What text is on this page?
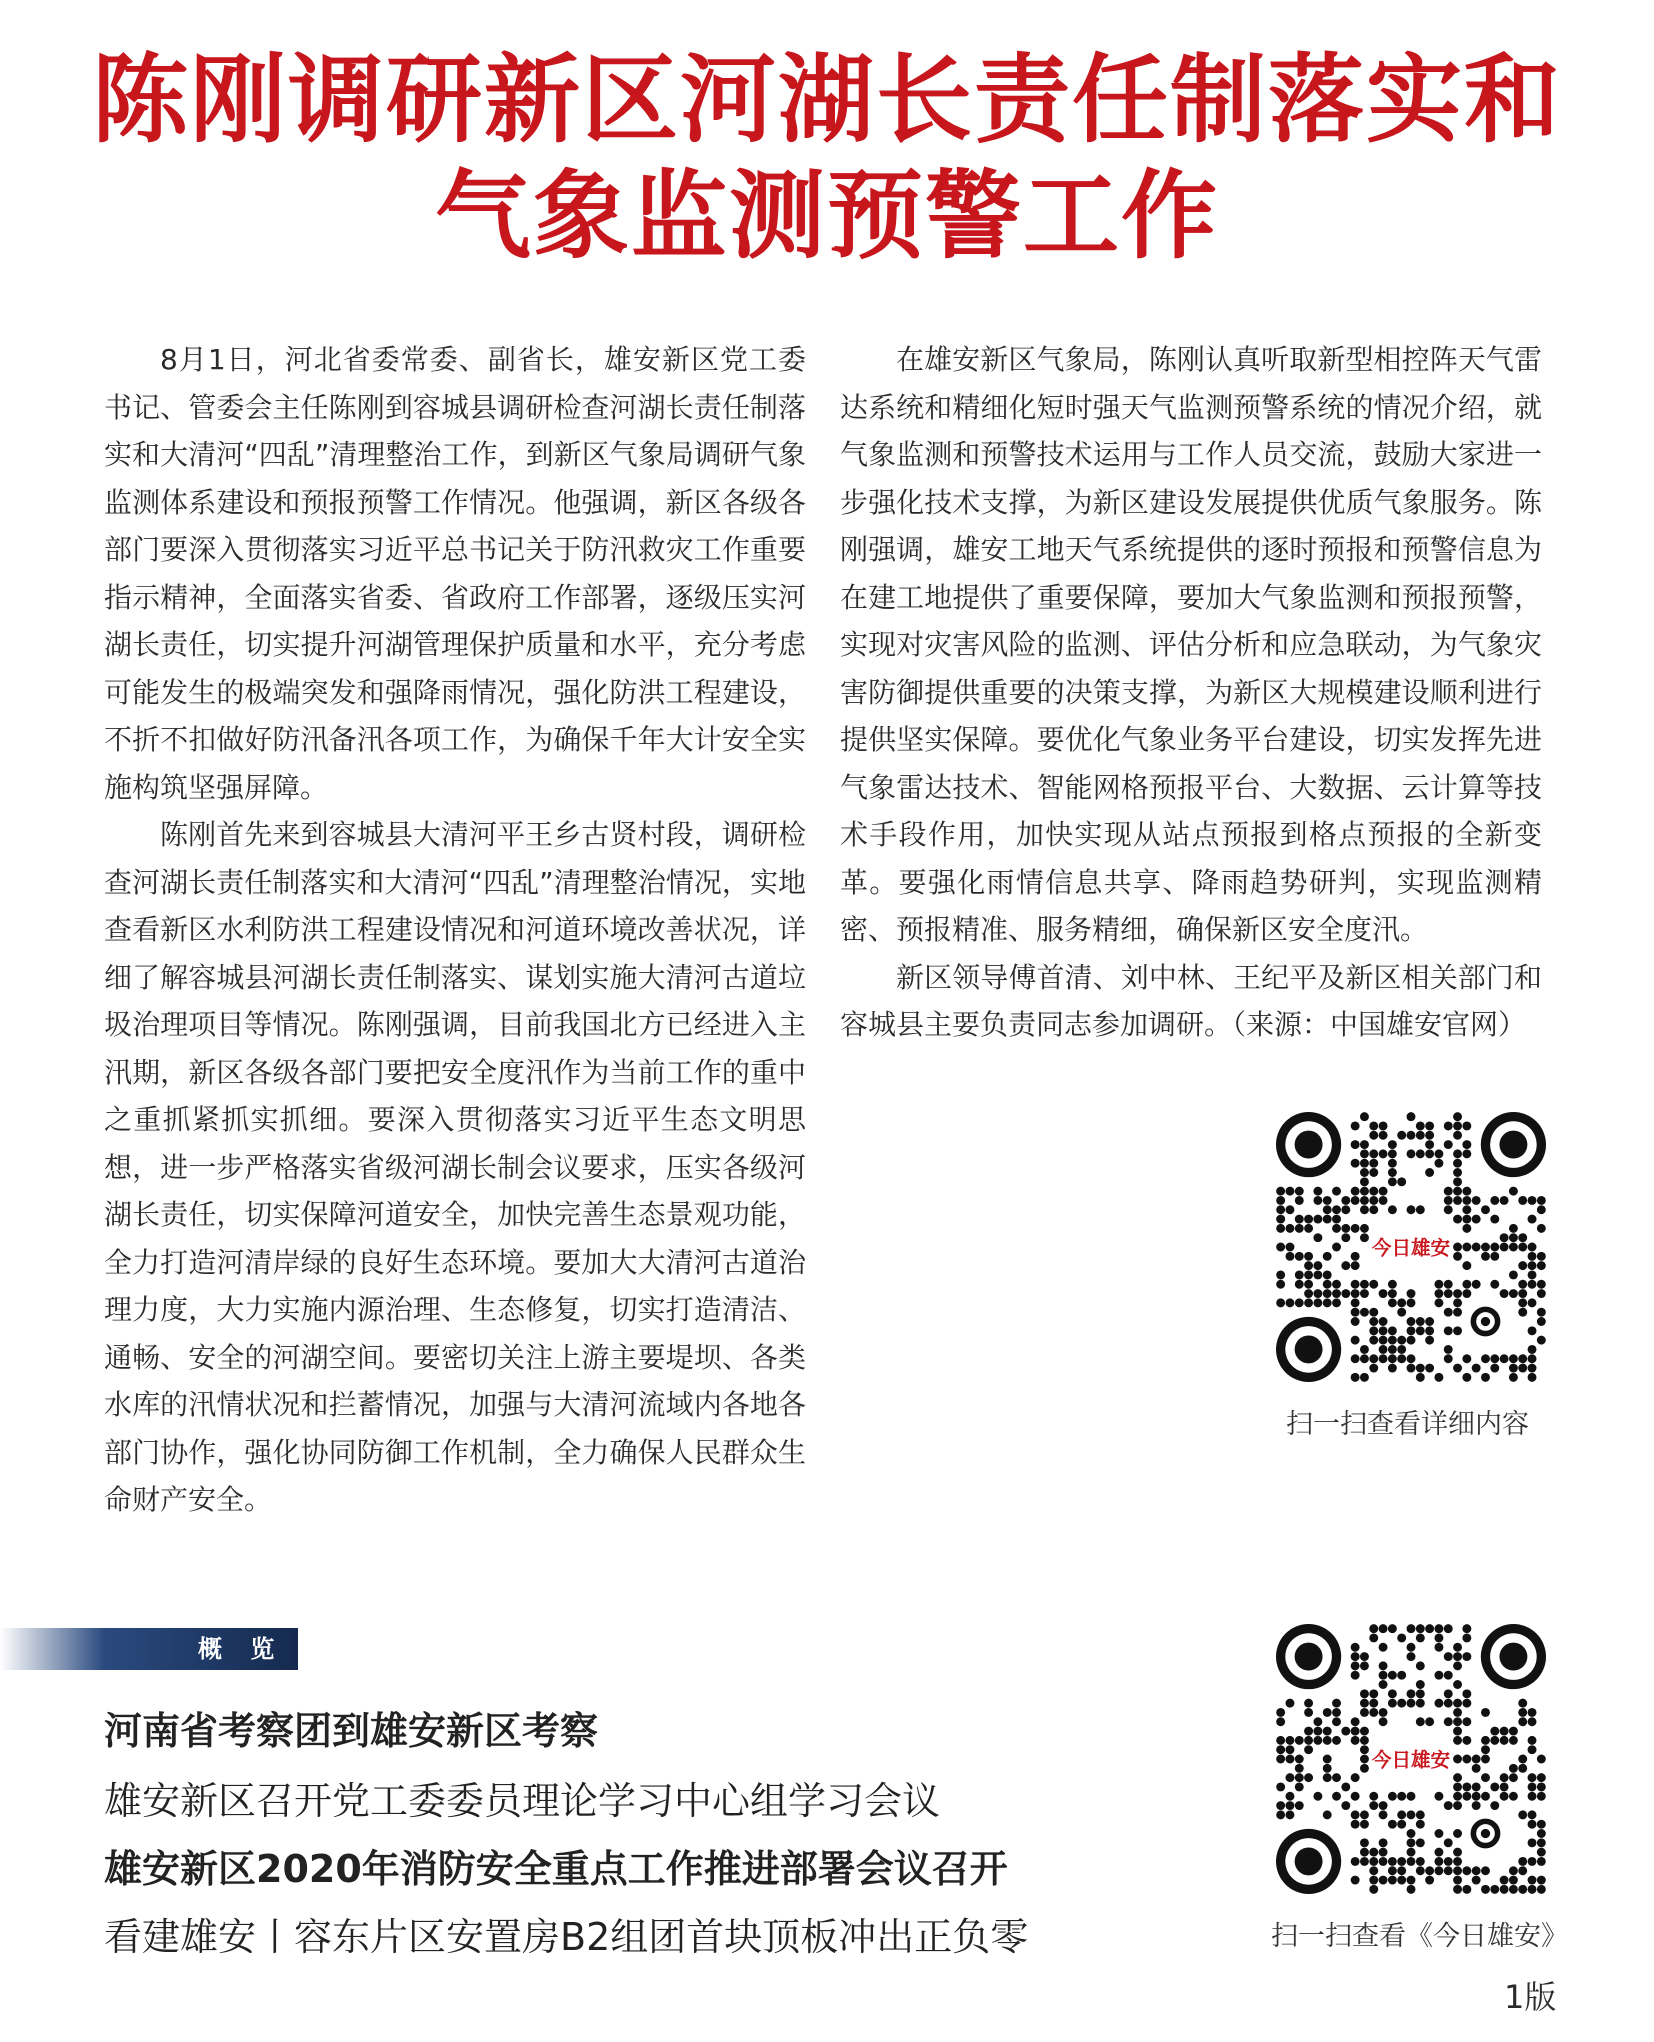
陈刚调研新区河湖长责任制落实和
气象监测预警工作

8月1日，河北省委常委、副省长，雄安新区党工委书记、管委会主任陈刚到容城县调研检查河湖长责任制落实和大清河“四乱”清理整治工作，到新区气象局调研气象监测体系建设和预报预警工作情况。他强调，新区各级各部门要深入贯彻落实习近平总书记关于防汛救灾工作重要指示精神，全面落实省委、省政府工作部署，逐级压实河湖长责任，切实提升河湖管理保护质量和水平，充分考虑可能发生的极端突发和强降雨情况，强化防洪工程建设，不折不扣做好防汛备汛各项工作，为确保千年大计安全实施构筑坚强屏障。

陈刚首先来到容城县大清河平王乡古贤村段，调研检查河湖长责任制落实和大清河“四乱”清理整治情况，实地查看新区水利防洪工程建设情况和河道环境改善状况，详细了解容城县河湖长责任制落实、谋划实施大清河古道垃圾治理项目等情况。陈刚强调，目前我国北方已经进入主汛期，新区各级各部门要把安全度汛作为当前工作的重中之重抓紧抓实抓细。要深入贯彻落实习近平生态文明思想，进一步严格落实省级河湖长制会议要求，压实各级河湖长责任，切实保障河道安全，加快完善生态景观功能，全力打造河清岸绿的良好生态环境。要加大大清河古道治理力度，大力实施内源治理、生态修复，切实打造清洁、通畅、安全的河湖空间。要密切关注上游主要堤坝、各类水库的汛情状况和拦蓄情况，加强与大清河流域内各地各部门协作，强化协同防御工作机制，全力确保人民群众生命财产安全。

在雄安新区气象局，陈刚认真听取新型相控阵天气雷达系统和精细化短时强天气监测预警系统的情况介绍，就气象监测和预警技术运用与工作人员交流，鼓励大家进一步强化技术支撑，为新区建设发展提供优质气象服务。陈刚强调，雄安工地天气系统提供的逐时预报和预警信息为在建工地提供了重要保障，要加大气象监测和预报预警，实现对灾害风险的监测、评估分析和应急联动，为气象灾害防御提供重要的决策支撑，为新区大规模建设顺利进行提供坚实保障。要优化气象业务平台建设，切实发挥先进气象雷达技术、智能网格预报平台、大数据、云计算等技术手段作用，加快实现从站点预报到格点预报的全新变革。要强化雨情信息共享、降雨趋势研判，实现监测精密、预报精准、服务精细，确保新区安全度汛。

新区领导傅首清、刘中林、王纪平及新区相关部门和容城县主要负责同志参加调研。（来源：中国雄安官网）

今日雄安
扫一扫查看详细内容
概 览
河南省考察团到雄安新区考察
雄安新区召开党工委委员理论学习中心组学习会议
雄安新区2020年消防安全重点工作推进部署会议召开
看建雄安丨容东片区安置房B2组团首块顶板冲出正负零
今日雄安
扫一扫查看《今日雄安》
1版
